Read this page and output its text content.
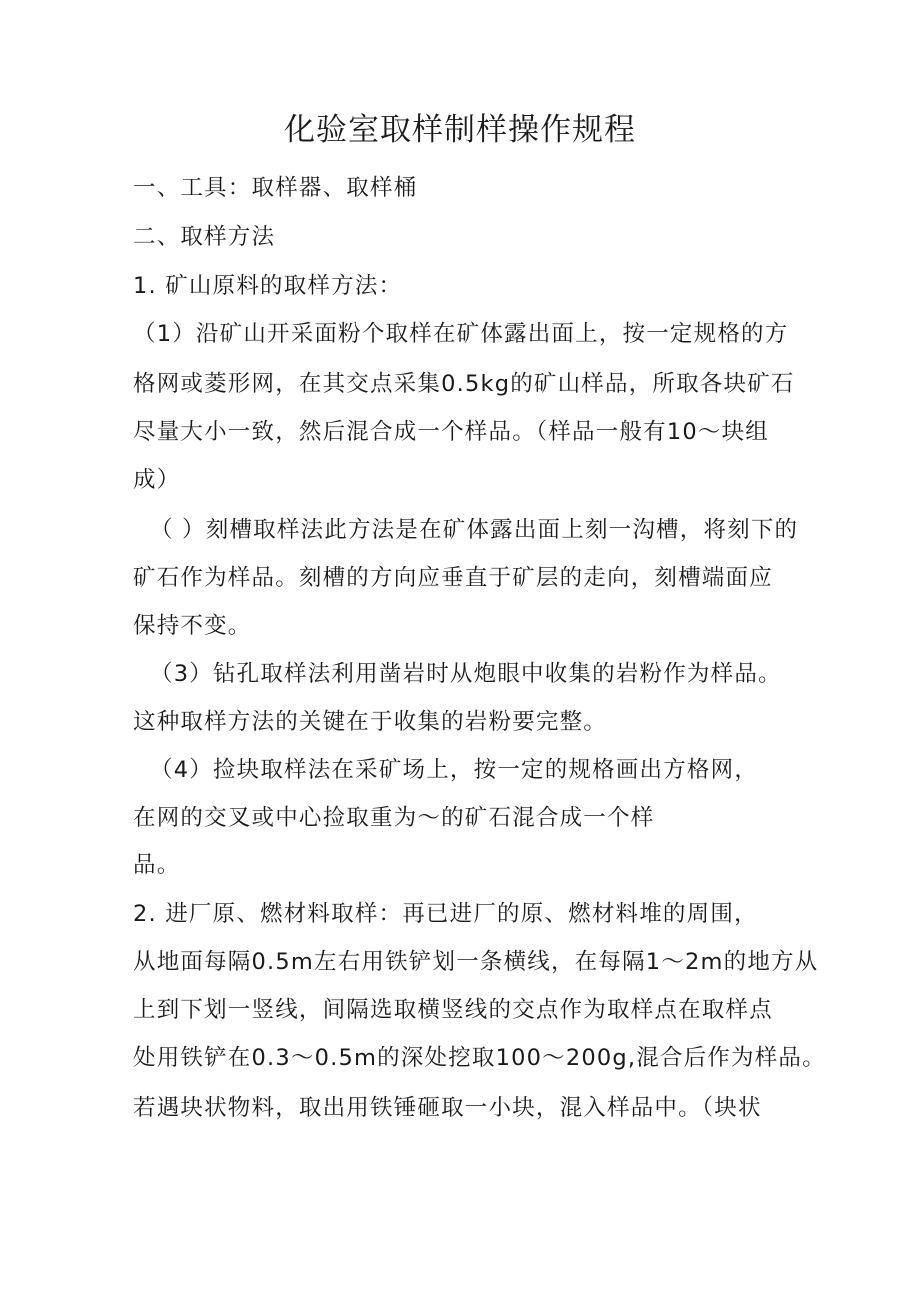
化验室取样制样操作规程
一、工具：取样器、取样桶
二、取样方法
1. 矿山原料的取样方法：
（1）沿矿山开采面粉个取样在矿体露出面上，按一定规格的方
格网或菱形网，在其交点采集0.5kg的矿山样品，所取各块矿石
尽量大小一致，然后混合成一个样品。（样品一般有10～块组
成）
（ ）刻槽取样法此方法是在矿体露出面上刻一沟槽，将刻下的
矿石作为样品。刻槽的方向应垂直于矿层的走向，刻槽端面应
保持不变。
（3）钻孔取样法利用凿岩时从炮眼中收集的岩粉作为样品。
这种取样方法的关键在于收集的岩粉要完整。
（4）捡块取样法在采矿场上，按一定的规格画出方格网，
在网的交叉或中心捡取重为～的矿石混合成一个样
品。
2. 进厂原、燃材料取样：再已进厂的原、燃材料堆的周围，
从地面每隔0.5m左右用铁铲划一条横线，在每隔1～2m的地方从
上到下划一竖线，间隔选取横竖线的交点作为取样点在取样点
处用铁铲在0.3～0.5m的深处挖取100～200g,混合后作为样品。
若遇块状物料，取出用铁锤砸取一小块，混入样品中。（块状
